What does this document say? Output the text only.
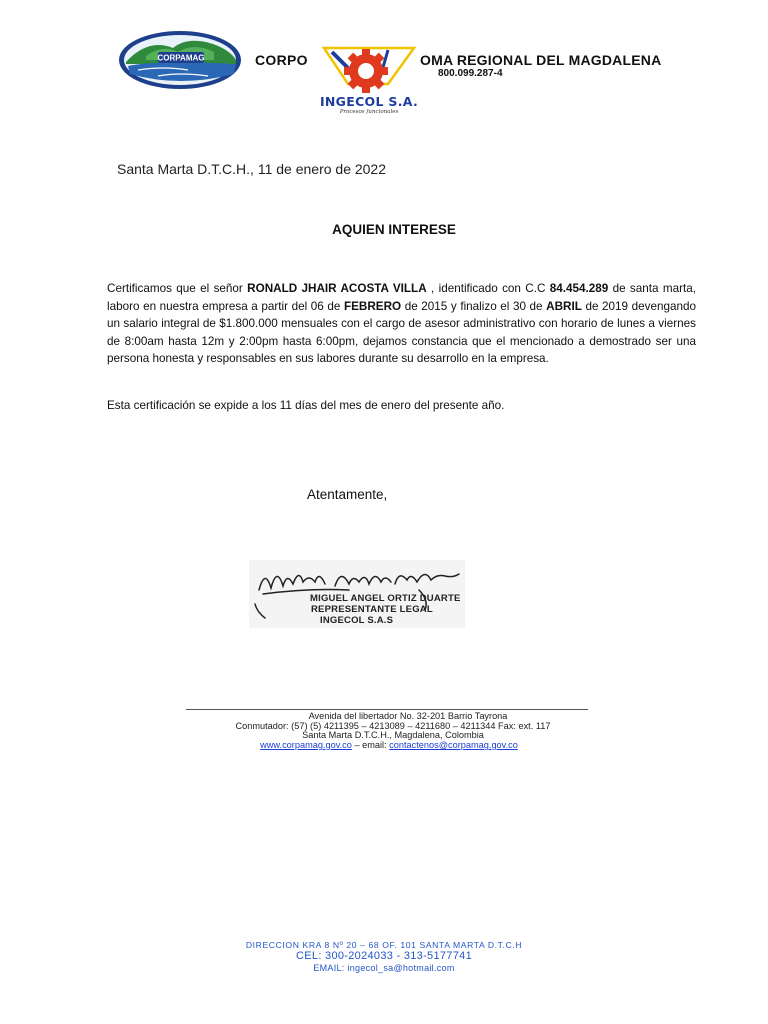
CORPAMAG	CORPO	OMA REGIONAL DEL MAGDALENA
800.099.287-4
INGECOL S.A.
Procesos funcionales
Santa Marta D.T.C.H., 11 de enero de 2022
AQUIEN INTERESE
Certificamos que el señor RONALD JHAIR ACOSTA VILLA , identificado con C.C 84.454.289 de santa marta, laboro en nuestra empresa a partir del 06 de FEBRERO de 2015 y finalizo el 30 de ABRIL de 2019 devengando un salario integral de $1.800.000 mensuales con el cargo de asesor administrativo con horario de lunes a viernes de 8:00am hasta 12m y 2:00pm hasta 6:00pm, dejamos constancia que el mencionado a demostrado ser una persona honesta y responsables en sus labores durante su desarrollo en la empresa.
Esta certificación se expide a los 11 días del mes de enero del presente año.
Atentamente,
MIGUEL ANGEL ORTIZ DUARTE
REPRESENTANTE LEGAL
INGECOL S.A.S
Avenida del libertador No. 32-201 Barrio Tayrona
Conmutador: (57) (5) 4211395 – 4213089 – 4211680 – 4211344 Fax: ext. 117
Santa Marta D.T.C.H., Magdalena, Colombia
www.corpamag.gov.co – email: contactenos@corpamag.gov.co
DIRECCION KRA 8 Nº 20 – 68 OF. 101 SANTA MARTA D.T.C.H
CEL: 300-2024033 - 313-5177741
EMAIL: ingecol_sa@hotmail.com
